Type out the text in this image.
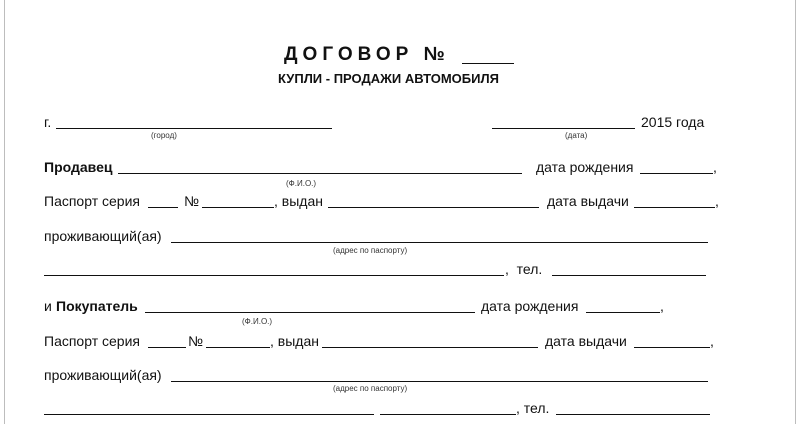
ДОГОВОР №
КУПЛИ - ПРОДАЖИ АВТОМОБИЛЯ
г.
(город)
2015 года
(дата)
Продавец
(Ф.И.О.)
дата рождения	,
Паспорт серия	№	, выдан	дата выдачи	,
проживающий(ая)
(адрес по паспорту)
,  тел.
и Покупатель
(Ф.И.О.)
дата рождения	,
Паспорт серия	№	, выдан	дата выдачи	,
проживающий(ая)
(адрес по паспорту)
, тел.
